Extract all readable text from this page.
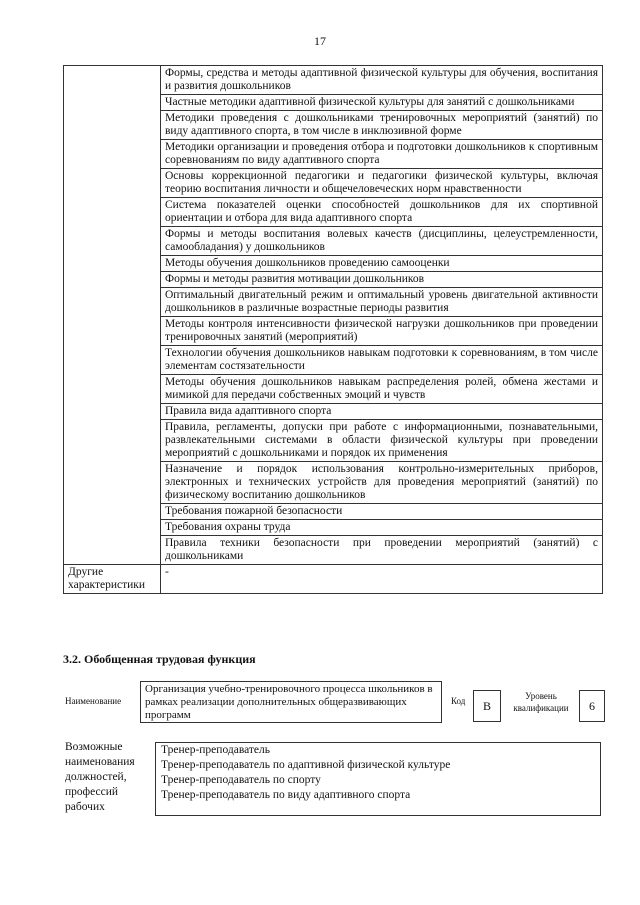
17
	Формы, средства и методы адаптивной физической культуры для обучения, воспитания и развития дошкольников
	Частные методики адаптивной физической культуры для занятий с дошкольниками
	Методики проведения с дошкольниками тренировочных мероприятий (занятий) по виду адаптивного спорта, в том числе в инклюзивной форме
	Методики организации и проведения отбора и подготовки дошкольников к спортивным соревнованиям по виду адаптивного спорта
	Основы коррекционной педагогики и педагогики физической культуры, включая теорию воспитания личности и общечеловеческих норм нравственности
	Система показателей оценки способностей дошкольников для их спортивной ориентации и отбора для вида адаптивного спорта
	Формы и методы воспитания волевых качеств (дисциплины, целеустремленности, самообладания) у дошкольников
	Методы обучения дошкольников проведению самооценки
	Формы и методы развития мотивации дошкольников
	Оптимальный двигательный режим и оптимальный уровень двигательной активности дошкольников в различные возрастные периоды развития
	Методы контроля интенсивности физической нагрузки дошкольников при проведении тренировочных занятий (мероприятий)
	Технологии обучения дошкольников навыкам подготовки к соревнованиям, в том числе элементам состязательности
	Методы обучения дошкольников навыкам распределения ролей, обмена жестами и мимикой для передачи собственных эмоций и чувств
	Правила вида адаптивного спорта
	Правила, регламенты, допуски при работе с информационными, познавательными, развлекательными системами в области физической культуры при проведении мероприятий с дошкольниками и порядок их применения
	Назначение и порядок использования контрольно-измерительных приборов, электронных и технических устройств для проведения мероприятий (занятий) по физическому воспитанию дошкольников
	Требования пожарной безопасности
	Требования охраны труда
	Правила техники безопасности при проведении мероприятий (занятий) с дошкольниками
Другие характеристики	-
3.2. Обобщенная трудовая функция
Наименование
Организация учебно-тренировочного процесса школьников в рамках реализации дополнительных общеразвивающих программ
Код	B
Уровень квалификации	6
Возможные наименования должностей, профессий рабочих
Тренер-преподаватель
Тренер-преподаватель по адаптивной физической культуре
Тренер-преподаватель по спорту
Тренер-преподаватель по виду адаптивного спорта
